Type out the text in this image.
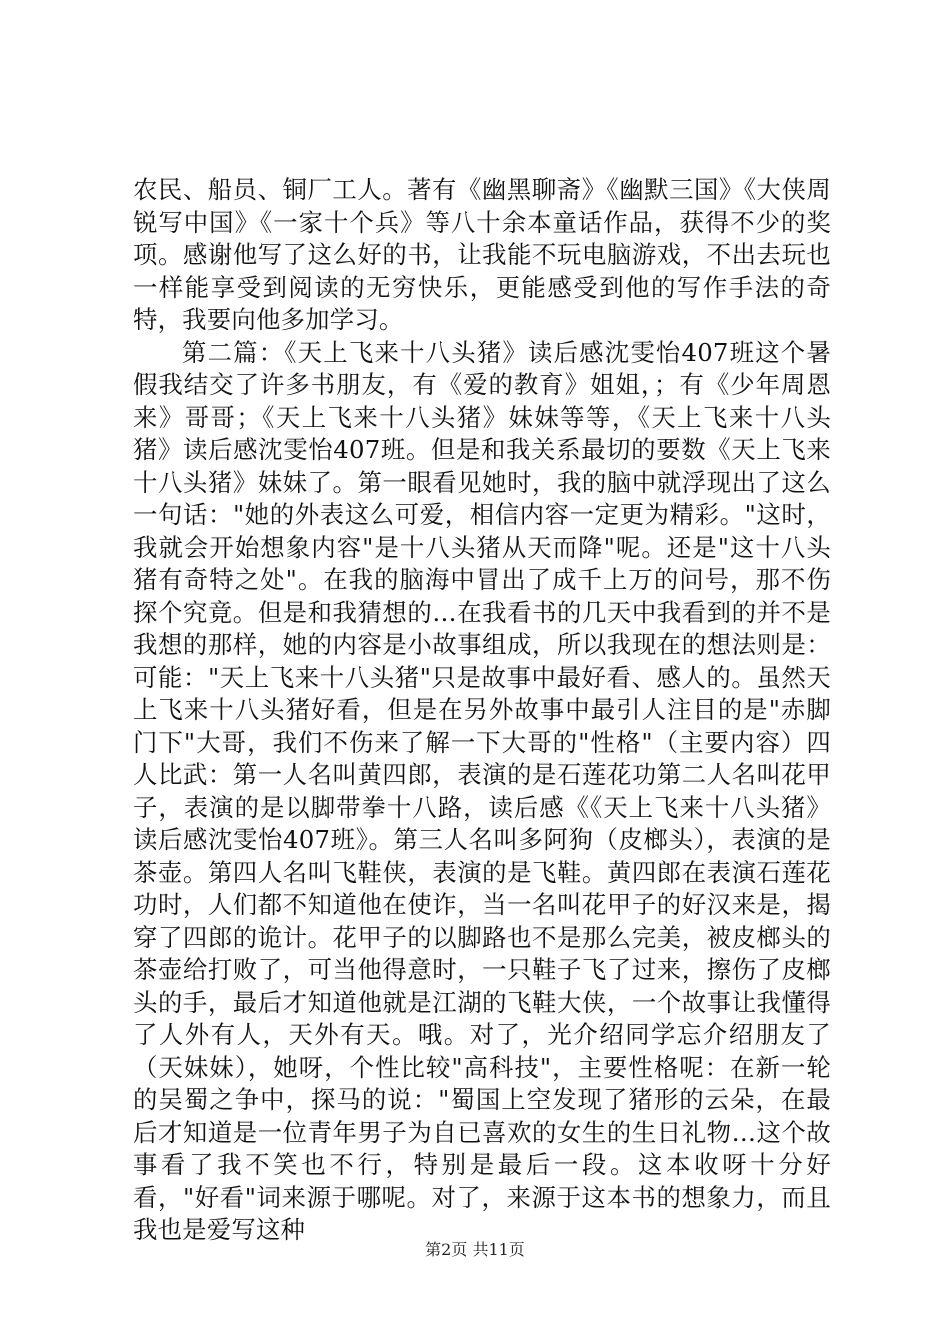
农民、船员、铜厂工人。著有《幽黑聊斋》《幽默三国》《大侠周锐写中国》《一家十个兵》等八十余本童话作品，获得不少的奖项。感谢他写了这么好的书，让我能不玩电脑游戏，不出去玩也一样能享受到阅读的无穷快乐，更能感受到他的写作手法的奇特，我要向他多加学习。

第二篇：《天上飞来十八头猪》读后感沈雯怡407班这个暑假我结交了许多书朋友，有《爱的教育》姐姐，；有《少年周恩来》哥哥；《天上飞来十八头猪》妹妹等等，《天上飞来十八头猪》读后感沈雯怡407班。但是和我关系最切的要数《天上飞来十八头猪》妹妹了。第一眼看见她时，我的脑中就浮现出了这么一句话："她的外表这么可爱，相信内容一定更为精彩。"这时，我就会开始想象内容"是十八头猪从天而降"呢。还是"这十八头猪有奇特之处"。在我的脑海中冒出了成千上万的问号，那不伤探个究竟。但是和我猜想的…在我看书的几天中我看到的并不是我想的那样，她的内容是小故事组成，所以我现在的想法则是：可能："天上飞来十八头猪"只是故事中最好看、感人的。虽然天上飞来十八头猪好看，但是在另外故事中最引人注目的是"赤脚门下"大哥，我们不伤来了解一下大哥的"性格"（主要内容）四人比武：第一人名叫黄四郎，表演的是石莲花功第二人名叫花甲子，表演的是以脚带拳十八路，读后感《《天上飞来十八头猪》读后感沈雯怡407班》。第三人名叫多阿狗（皮榔头），表演的是茶壶。第四人名叫飞鞋侠，表演的是飞鞋。黄四郎在表演石莲花功时，人们都不知道他在使诈，当一名叫花甲子的好汉来是，揭穿了四郎的诡计。花甲子的以脚路也不是那么完美，被皮榔头的茶壶给打败了，可当他得意时，一只鞋子飞了过来，擦伤了皮榔头的手，最后才知道他就是江湖的飞鞋大侠，一个故事让我懂得了人外有人，天外有天。哦。对了，光介绍同学忘介绍朋友了（天妹妹），她呀，个性比较"高科技"，主要性格呢：在新一轮的吴蜀之争中，探马的说："蜀国上空发现了猪形的云朵，在最后才知道是一位青年男子为自已喜欢的女生的生日礼物…这个故事看了我不笑也不行，特别是最后一段。这本收呀十分好看，"好看"词来源于哪呢。对了，来源于这本书的想象力，而且我也是爱写这种

第2页 共11页
